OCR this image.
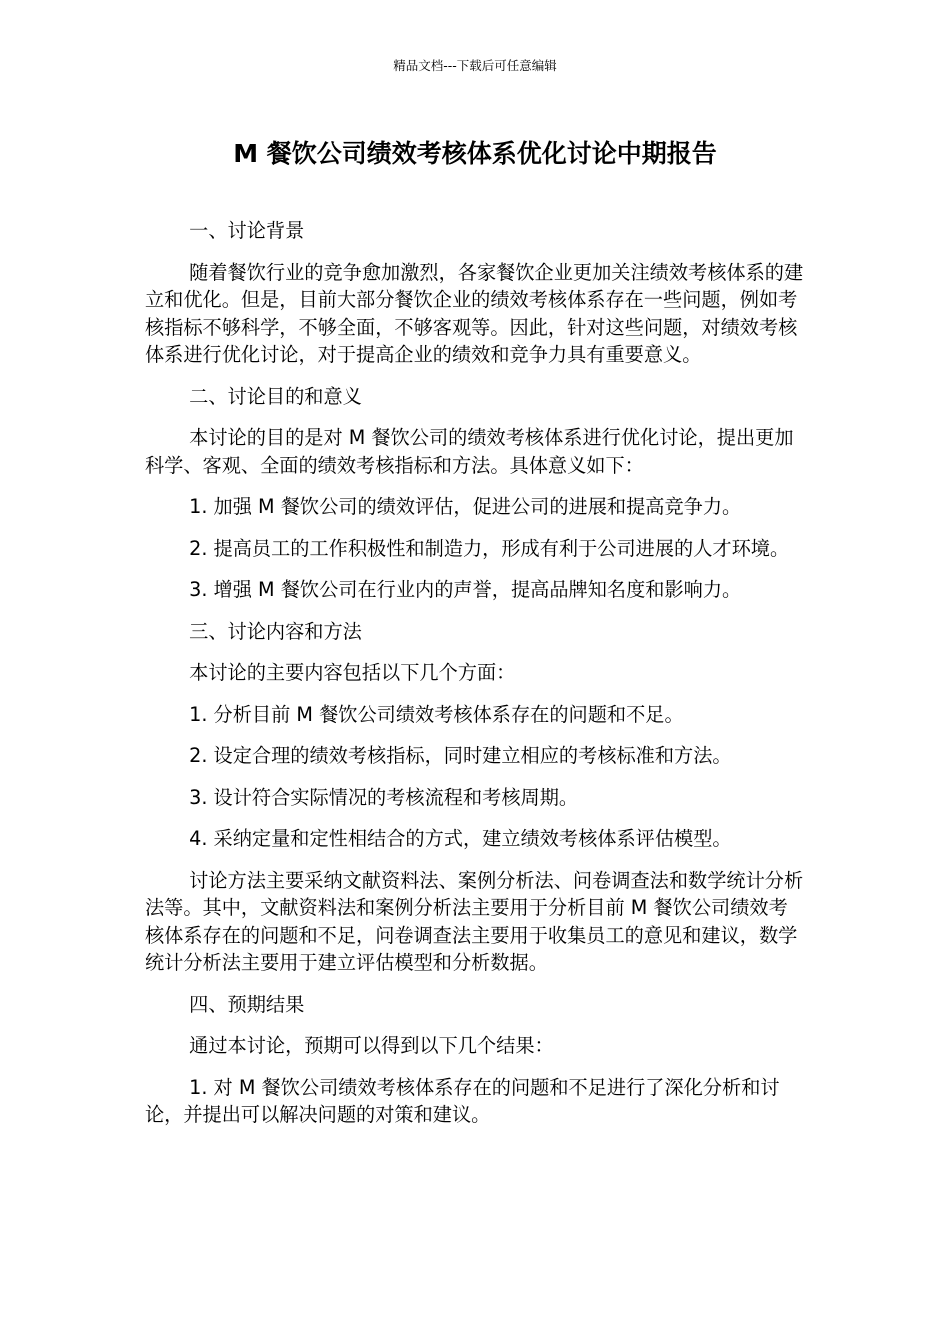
精品文档---下载后可任意编辑
M 餐饮公司绩效考核体系优化讨论中期报告

一、讨论背景

随着餐饮行业的竞争愈加激烈，各家餐饮企业更加关注绩效考核体系的建立和优化。但是，目前大部分餐饮企业的绩效考核体系存在一些问题，例如考核指标不够科学，不够全面，不够客观等。因此，针对这些问题，对绩效考核体系进行优化讨论，对于提高企业的绩效和竞争力具有重要意义。

二、讨论目的和意义

本讨论的目的是对 M 餐饮公司的绩效考核体系进行优化讨论，提出更加科学、客观、全面的绩效考核指标和方法。具体意义如下：

1. 加强 M 餐饮公司的绩效评估，促进公司的进展和提高竞争力。

2. 提高员工的工作积极性和制造力，形成有利于公司进展的人才环境。

3. 增强 M 餐饮公司在行业内的声誉，提高品牌知名度和影响力。

三、讨论内容和方法

本讨论的主要内容包括以下几个方面：

1. 分析目前 M 餐饮公司绩效考核体系存在的问题和不足。

2. 设定合理的绩效考核指标，同时建立相应的考核标准和方法。

3. 设计符合实际情况的考核流程和考核周期。

4. 采纳定量和定性相结合的方式，建立绩效考核体系评估模型。

讨论方法主要采纳文献资料法、案例分析法、问卷调查法和数学统计分析法等。其中，文献资料法和案例分析法主要用于分析目前 M 餐饮公司绩效考核体系存在的问题和不足，问卷调查法主要用于收集员工的意见和建议，数学统计分析法主要用于建立评估模型和分析数据。

四、预期结果

通过本讨论，预期可以得到以下几个结果：

1. 对 M 餐饮公司绩效考核体系存在的问题和不足进行了深化分析和讨论，并提出可以解决问题的对策和建议。
